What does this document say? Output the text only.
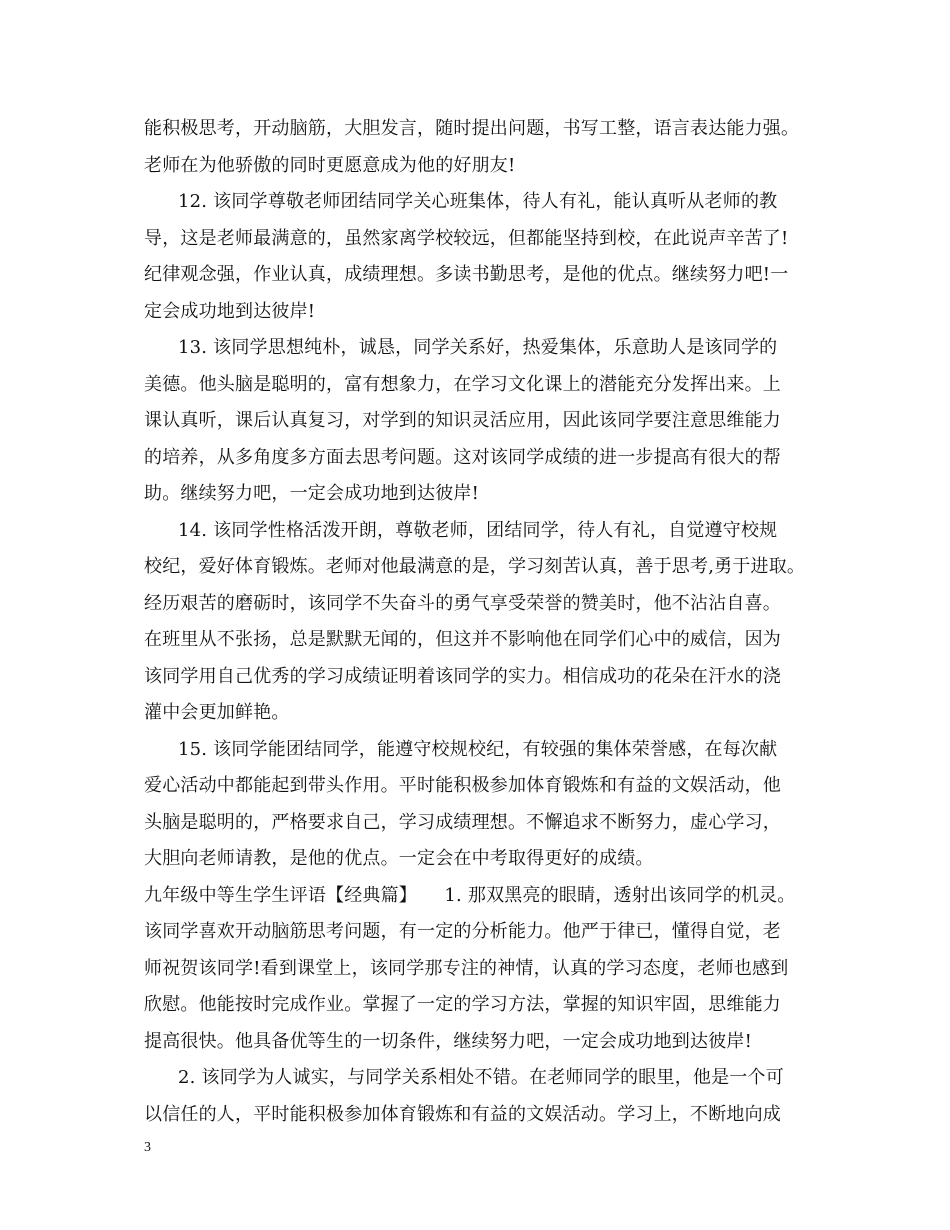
能积极思考，开动脑筋，大胆发言，随时提出问题，书写工整，语言表达能力强。
老师在为他骄傲的同时更愿意成为他的好朋友!
12. 该同学尊敬老师团结同学关心班集体，待人有礼，能认真听从老师的教
导，这是老师最满意的，虽然家离学校较远，但都能坚持到校，在此说声辛苦了!
纪律观念强，作业认真，成绩理想。多读书勤思考，是他的优点。继续努力吧!一
定会成功地到达彼岸!
13. 该同学思想纯朴，诚恳，同学关系好，热爱集体，乐意助人是该同学的
美德。他头脑是聪明的，富有想象力，在学习文化课上的潜能充分发挥出来。上
课认真听，课后认真复习，对学到的知识灵活应用，因此该同学要注意思维能力
的培养，从多角度多方面去思考问题。这对该同学成绩的进一步提高有很大的帮
助。继续努力吧，一定会成功地到达彼岸!
14. 该同学性格活泼开朗，尊敬老师，团结同学，待人有礼，自觉遵守校规
校纪，爱好体育锻炼。老师对他最满意的是，学习刻苦认真，善于思考,勇于进取。
经历艰苦的磨砺时，该同学不失奋斗的勇气享受荣誉的赞美时，他不沾沾自喜。
在班里从不张扬，总是默默无闻的，但这并不影响他在同学们心中的威信，因为
该同学用自己优秀的学习成绩证明着该同学的实力。相信成功的花朵在汗水的浇
灌中会更加鲜艳。
15. 该同学能团结同学，能遵守校规校纪，有较强的集体荣誉感，在每次献
爱心活动中都能起到带头作用。平时能积极参加体育锻炼和有益的文娱活动，他
头脑是聪明的，严格要求自己，学习成绩理想。不懈追求不断努力，虚心学习，
大胆向老师请教，是他的优点。一定会在中考取得更好的成绩。
九年级中等生学生评语【经典篇】　　1. 那双黑亮的眼睛，透射出该同学的机灵。
该同学喜欢开动脑筋思考问题，有一定的分析能力。他严于律已，懂得自觉，老
师祝贺该同学!看到课堂上，该同学那专注的神情，认真的学习态度，老师也感到
欣慰。他能按时完成作业。掌握了一定的学习方法，掌握的知识牢固，思维能力
提高很快。他具备优等生的一切条件，继续努力吧，一定会成功地到达彼岸!
2. 该同学为人诚实，与同学关系相处不错。在老师同学的眼里，他是一个可
以信任的人，平时能积极参加体育锻炼和有益的文娱活动。学习上，不断地向成
3
